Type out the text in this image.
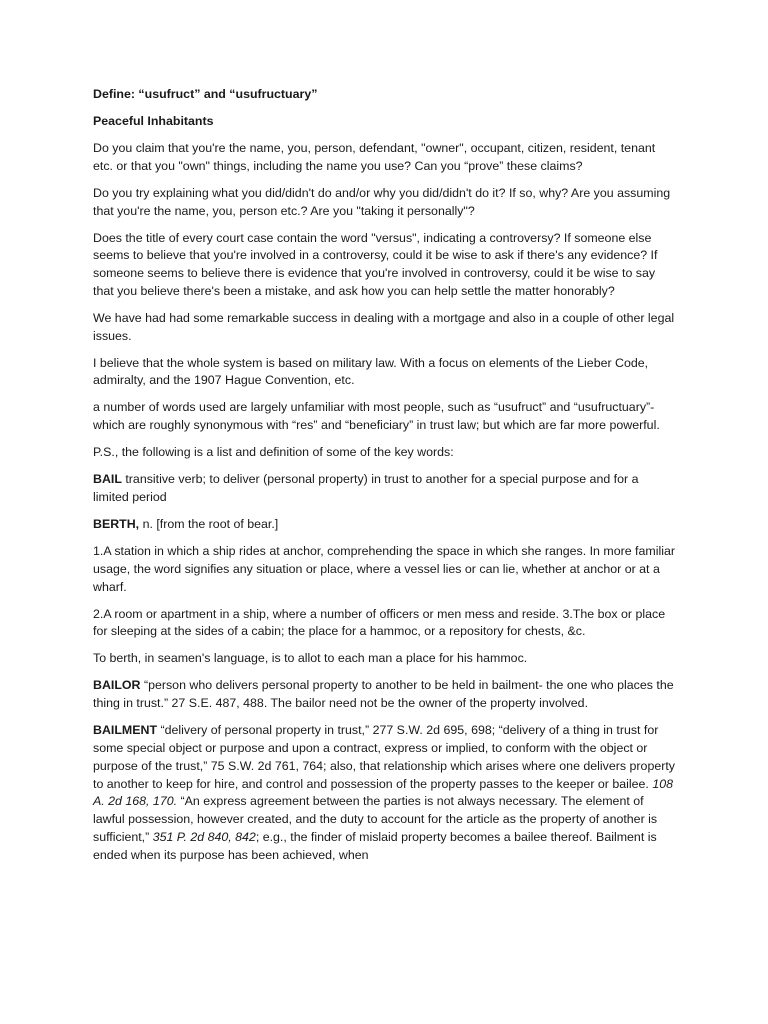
Define: “usufruct” and “usufructuary”

Peaceful Inhabitants

Do you claim that you're the name, you, person, defendant, "owner", occupant, citizen, resident, tenant etc. or that you "own" things, including the name you use? Can you “prove” these claims?

Do you try explaining what you did/didn't do and/or why you did/didn't do it? If so, why? Are you assuming that you're the name, you, person etc.? Are you "taking it personally"?

Does the title of every court case contain the word "versus", indicating a controversy? If someone else seems to believe that you're involved in a controversy, could it be wise to ask if there's any evidence? If someone seems to believe there is evidence that you're involved in controversy, could it be wise to say that you believe there's been a mistake, and ask how you can help settle the matter honorably?

We have had had some remarkable success in dealing with a mortgage and also in a couple of other legal issues.

I believe that the whole system is based on military law. With a focus on elements of the Lieber Code, admiralty, and the 1907 Hague Convention, etc.

a number of words used are largely unfamiliar with most people, such as “usufruct” and “usufructuary”- which are roughly synonymous with “res” and “beneficiary” in trust law; but which are far more powerful.

P.S., the following is a list and definition of some of the key words:

BAIL transitive verb; to deliver (personal property) in trust to another for a special purpose and for a limited period

BERTH, n. [from the root of bear.]

1.A station in which a ship rides at anchor, comprehending the space in which she ranges. In more familiar usage, the word signifies any situation or place, where a vessel lies or can lie, whether at anchor or at a wharf.

2.A room or apartment in a ship, where a number of officers or men mess and reside. 3.The box or place for sleeping at the sides of a cabin; the place for a hammoc, or a repository for chests, &c.

To berth, in seamen's language, is to allot to each man a place for his hammoc.

BAILOR “person who delivers personal property to another to be held in bailment- the one who places the thing in trust.” 27 S.E. 487, 488. The bailor need not be the owner of the property involved.

BAILMENT “delivery of personal property in trust,” 277 S.W. 2d 695, 698; “delivery of a thing in trust for some special object or purpose and upon a contract, express or implied, to conform with the object or purpose of the trust,” 75 S.W. 2d 761, 764; also, that relationship which arises where one delivers property to another to keep for hire, and control and possession of the property passes to the keeper or bailee. 108 A. 2d 168, 170. “An express agreement between the parties is not always necessary. The element of lawful possession, however created, and the duty to account for the article as the property of another is sufficient,” 351 P. 2d 840, 842; e.g., the finder of mislaid property becomes a bailee thereof. Bailment is ended when its purpose has been achieved, when
